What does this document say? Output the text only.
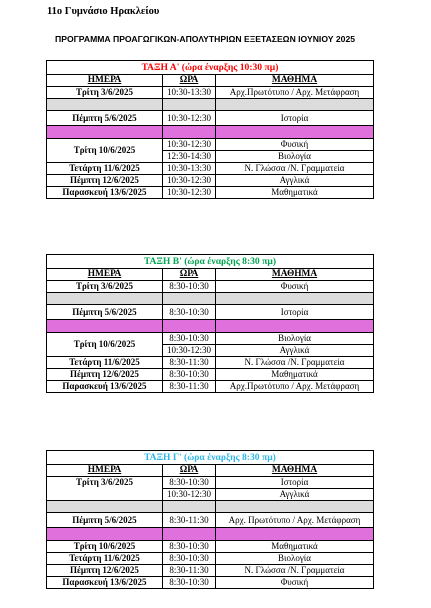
11ο Γυμνάσιο Ηρακλείου
ΠΡΟΓΡΑΜΜΑ ΠΡΟΑΓΩΓΙΚΩΝ-ΑΠΟΛΥΤΗΡΙΩΝ ΕΞΕΤΑΣΕΩΝ ΙΟΥΝΙΟΥ 2025
ΤΑΞΗ Α' (ώρα έναρξης 10:30 πμ)		
ΗΜΕΡΑ	ΩΡΑ	ΜΑΘΗΜΑ
Τρίτη 3/6/2025	10:30-13:30	Αρχ.Πρωτότυπο / Αρχ. Μετάφραση

Πέμπτη 5/6/2025	10:30-12:30	Ιστορία

Τρίτη 10/6/2025	10:30-12:30	Φυσική
	12:30-14:30	Βιολογία
Τετάρτη 11/6/2025	10:30-13:30	Ν. Γλώσσα /Ν. Γραμματεία
Πέμπτη 12/6/2025	10:30-12:30	Αγγλικά
Παρασκευή 13/6/2025	10:30-12:30	Μαθηματικά
ΤΑΞΗ Β' (ώρα έναρξης 8:30 πμ)		
ΗΜΕΡΑ	ΩΡΑ	ΜΑΘΗΜΑ
Τρίτη 3/6/2025	8:30-10:30	Φυσική

Πέμπτη 5/6/2025	8:30-10:30	Ιστορία

Τρίτη 10/6/2025	8:30-10:30	Βιολογία
	10:30-12:30	Αγγλικά
Τετάρτη 11/6/2025	8:30-11:30	Ν. Γλώσσα /Ν. Γραμματεία
Πέμπτη 12/6/2025	8:30-10:30	Μαθηματικά
Παρασκευή 13/6/2025	8:30-11:30	Αρχ.Πρωτότυπο / Αρχ. Μετάφραση
ΤΑΞΗ Γ' (ώρα έναρξης 8:30 πμ)		
ΗΜΕΡΑ	ΩΡΑ	ΜΑΘΗΜΑ
Τρίτη 3/6/2025	8:30-10:30	Ιστορία
	10:30-12:30	Αγγλικά

Πέμπτη 5/6/2025	8:30-11:30	Αρχ. Πρωτότυπο / Αρχ. Μετάφραση

Τρίτη 10/6/2025	8:30-10:30	Μαθηματικά
Τετάρτη 11/6/2025	8:30-10:30	Βιολογία
Πέμπτη 12/6/2025	8:30-11:30	Ν. Γλώσσα /Ν. Γραμματεία
Παρασκευή 13/6/2025	8:30-10:30	Φυσική
